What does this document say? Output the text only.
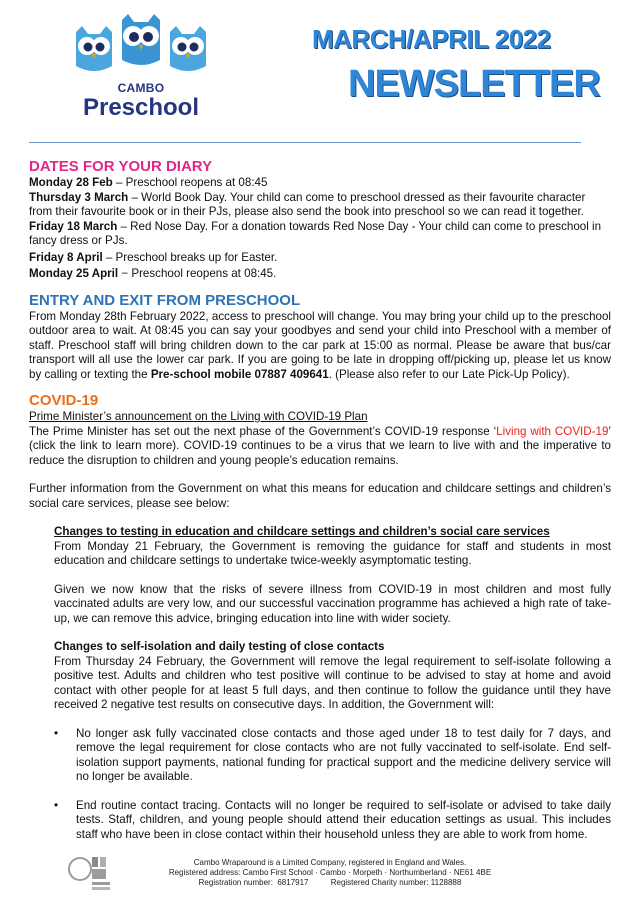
CAMBO
Preschool
MARCH/APRIL 2022
NEWSLETTER
DATES FOR YOUR DIARY

Monday 28 Feb – Preschool reopens at 08:45

Thursday 3 March – World Book Day. Your child can come to preschool dressed as their favourite character from their favourite book or in their PJs, please also send the book into preschool so we can read it together.

Friday 18 March – Red Nose Day. For a donation towards Red Nose Day - Your child can come to preschool in fancy dress or PJs.

Friday 8 April – Preschool breaks up for Easter.

Monday 25 April − Preschool reopens at 08:45.

ENTRY AND EXIT FROM PRESCHOOL

From Monday 28th February 2022, access to preschool will change. You may bring your child up to the preschool outdoor area to wait. At 08:45 you can say your goodbyes and send your child into Preschool with a member of staff. Preschool staff will bring children down to the car park at 15:00 as normal. Please be aware that bus/car transport will all use the lower car park. If you are going to be late in dropping off/picking up, please let us know by calling or texting the Pre-school mobile 07887 409641. (Please also refer to our Late Pick-Up Policy).

COVID-19

Prime Minister’s announcement on the Living with COVID-19 Plan

The Prime Minister has set out the next phase of the Government’s COVID-19 response ‘Living with COVID-19’ (click the link to learn more). COVID-19 continues to be a virus that we learn to live with and the imperative to reduce the disruption to children and young people’s education remains.

Further information from the Government on what this means for education and childcare settings and children’s social care services, please see below:

Changes to testing in education and childcare settings and children’s social care services

From Monday 21 February, the Government is removing the guidance for staff and students in most education and childcare settings to undertake twice-weekly asymptomatic testing.

Given we now know that the risks of severe illness from COVID-19 in most children and most fully vaccinated adults are very low, and our successful vaccination programme has achieved a high rate of take-up, we can remove this advice, bringing education into line with wider society.

Changes to self-isolation and daily testing of close contacts

From Thursday 24 February, the Government will remove the legal requirement to self-isolate following a positive test. Adults and children who test positive will continue to be advised to stay at home and avoid contact with other people for at least 5 full days, and then continue to follow the guidance until they have received 2 negative test results on consecutive days. In addition, the Government will:

• No longer ask fully vaccinated close contacts and those aged under 18 to test daily for 7 days, and remove the legal requirement for close contacts who are not fully vaccinated to self-isolate. End self-isolation support payments, national funding for practical support and the medicine delivery service will no longer be available.
• End routine contact tracing. Contacts will no longer be required to self-isolate or advised to take daily tests. Staff, children, and young people should attend their education settings as usual. This includes staff who have been in close contact within their household unless they are able to work from home.
Cambo Wraparound is a Limited Company, registered in England and Wales.
Registered address: Cambo First School · Cambo · Morpeth · Northumberland · NE61 4BE
Registration number:  6817917          Registered Charity number: 1128888
